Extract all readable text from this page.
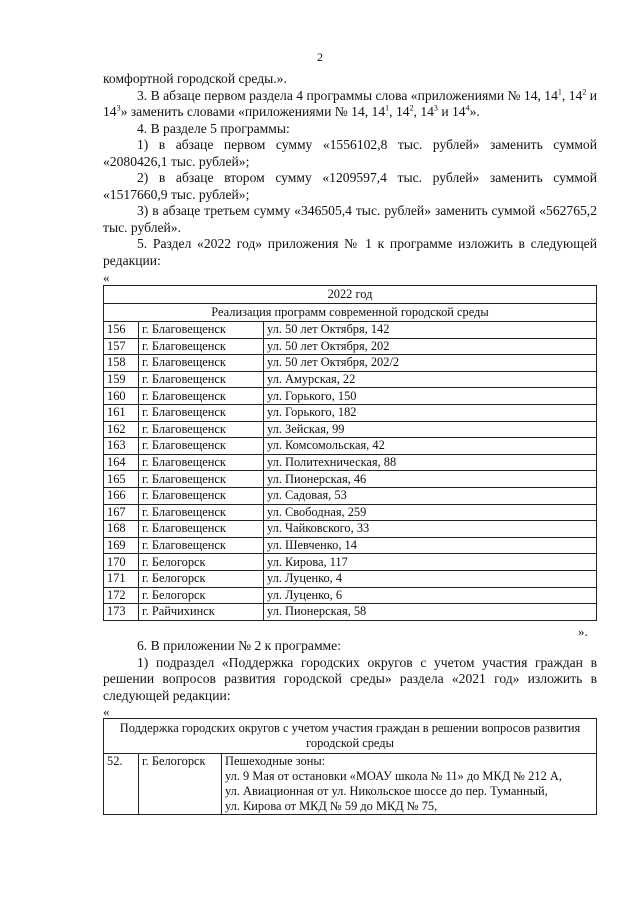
2

комфортной городской среды.».

3. В абзаце первом раздела 4 программы слова «приложениями № 14, $14^1$, $14^2$ и $14^3$» заменить словами «приложениями № 14, $14^1$, $14^2$, $14^3$ и $14^4$».

4. В разделе 5 программы:

1) в абзаце первом сумму «1556102,8 тыс. рублей» заменить суммой «2080426,1 тыс. рублей»;

2) в абзаце втором сумму «1209597,4 тыс. рублей» заменить суммой «1517660,9 тыс. рублей»;

3) в абзаце третьем сумму «346505,4 тыс. рублей» заменить суммой «562765,2 тыс. рублей».

5. Раздел «2022 год» приложения № 1 к программе изложить в следующей редакции:

«
2022 год		
Реализация программ современной городской среды		
156	г. Благовещенск	ул. 50 лет Октября, 142
157	г. Благовещенск	ул. 50 лет Октября, 202
158	г. Благовещенск	ул. 50 лет Октября, 202/2
159	г. Благовещенск	ул. Амурская, 22
160	г. Благовещенск	ул. Горького, 150
161	г. Благовещенск	ул. Горького, 182
162	г. Благовещенск	ул. Зейская, 99
163	г. Благовещенск	ул. Комсомольская, 42
164	г. Благовещенск	ул. Политехническая, 88
165	г. Благовещенск	ул. Пионерская, 46
166	г. Благовещенск	ул. Садовая, 53
167	г. Благовещенск	ул. Свободная, 259
168	г. Благовещенск	ул. Чайковского, 33
169	г. Благовещенск	ул. Шевченко, 14
170	г. Белогорск	ул. Кирова, 117
171	г. Белогорск	ул. Луценко, 4
172	г. Белогорск	ул. Луценко, 6
173	г. Райчихинск	ул. Пионерская, 58
».

6. В приложении № 2 к программе:

1) подраздел «Поддержка городских округов с учетом участия граждан в решении вопросов развития городской среды» раздела «2021 год» изложить в следующей редакции:

«
Поддержка городских округов с учетом участия граждан в решении вопросов развития городской среды
52.	г. Белогорск	Пешеходные зоны:
ул. 9 Мая от остановки «МОАУ школа № 11» до МКД № 212 А,
ул. Авиационная от ул. Никольское шоссе до пер. Туманный,
ул. Кирова от МКД № 59 до МКД № 75,
